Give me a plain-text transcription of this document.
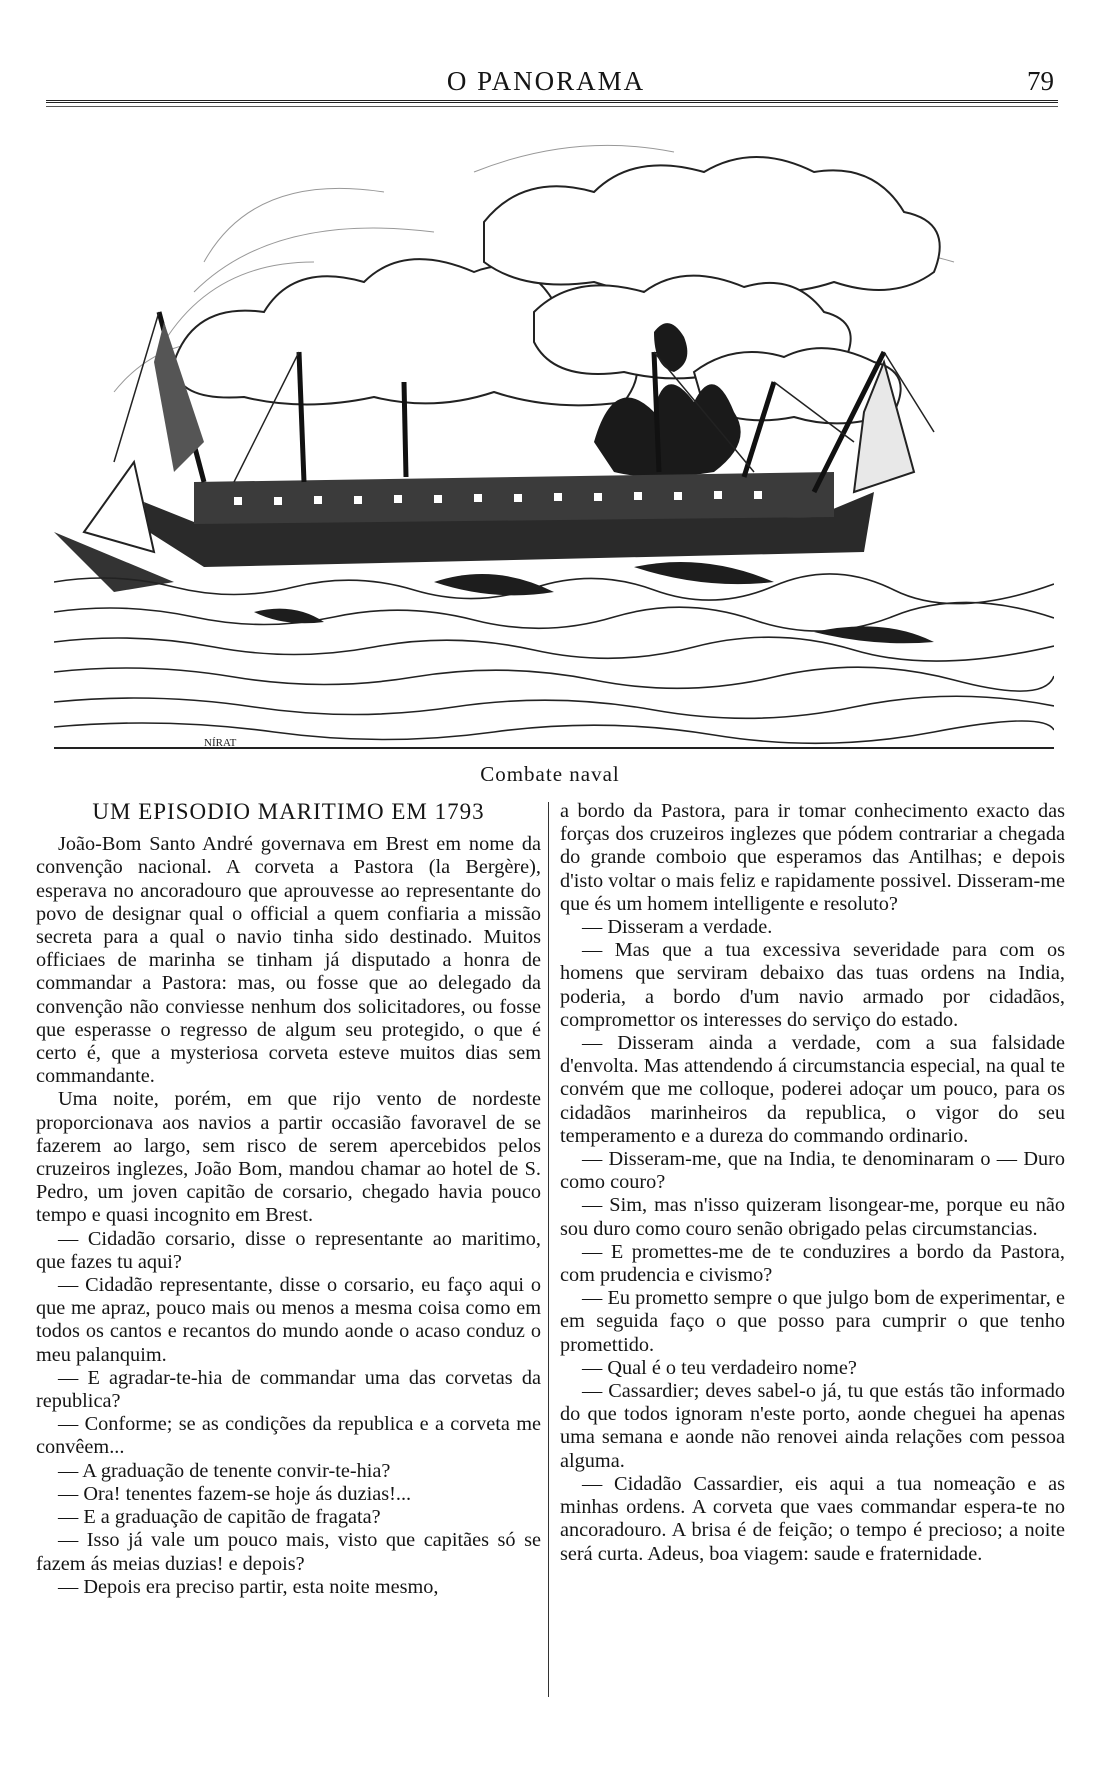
O PANORAMA	79
NÍRAT
Combate naval

UM EPISODIO MARITIMO EM 1793

João-Bom Santo André governava em Brest em nome da convenção nacional. A corveta a Pastora (la Bergère), esperava no ancoradouro que aprouvesse ao representante do povo de designar qual o official a quem confiaria a missão secreta para a qual o navio tinha sido destinado. Muitos officiaes de marinha se tinham já disputado a honra de commandar a Pastora: mas, ou fosse que ao delegado da convenção não conviesse nenhum dos solicitadores, ou fosse que esperasse o regresso de algum seu protegido, o que é certo é, que a mysteriosa corveta esteve muitos dias sem commandante.

Uma noite, porém, em que rijo vento de nordeste proporcionava aos navios a partir occasião favoravel de se fazerem ao largo, sem risco de serem apercebidos pelos cruzeiros inglezes, João Bom, mandou chamar ao hotel de S. Pedro, um joven capitão de corsario, chegado havia pouco tempo e quasi incognito em Brest.

— Cidadão corsario, disse o representante ao maritimo, que fazes tu aqui?

— Cidadão representante, disse o corsario, eu faço aqui o que me apraz, pouco mais ou menos a mesma coisa como em todos os cantos e recantos do mundo aonde o acaso conduz o meu palanquim.

— E agradar-te-hia de commandar uma das corvetas da republica?

— Conforme; se as condições da republica e a corveta me convêem...

— A graduação de tenente convir-te-hia?

— Ora! tenentes fazem-se hoje ás duzias!...

— E a graduação de capitão de fragata?

— Isso já vale um pouco mais, visto que capitães só se fazem ás meias duzias! e depois?

— Depois era preciso partir, esta noite mesmo,

a bordo da Pastora, para ir tomar conhecimento exacto das forças dos cruzeiros inglezes que pódem contrariar a chegada do grande comboio que esperamos das Antilhas; e depois d'isto voltar o mais feliz e rapidamente possivel. Disseram-me que és um homem intelligente e resoluto?

— Disseram a verdade.

— Mas que a tua excessiva severidade para com os homens que serviram debaixo das tuas ordens na India, poderia, a bordo d'um navio armado por cidadãos, compromettor os interesses do serviço do estado.

— Disseram ainda a verdade, com a sua falsidade d'envolta. Mas attendendo á circumstancia especial, na qual te convém que me colloque, poderei adoçar um pouco, para os cidadãos marinheiros da republica, o vigor do seu temperamento e a dureza do commando ordinario.

— Disseram-me, que na India, te denominaram o — Duro como couro?

— Sim, mas n'isso quizeram lisongear-me, porque eu não sou duro como couro senão obrigado pelas circumstancias.

— E promettes-me de te conduzires a bordo da Pastora, com prudencia e civismo?

— Eu prometto sempre o que julgo bom de experimentar, e em seguida faço o que posso para cumprir o que tenho promettido.

— Qual é o teu verdadeiro nome?

— Cassardier; deves sabel-o já, tu que estás tão informado do que todos ignoram n'este porto, aonde cheguei ha apenas uma semana e aonde não renovei ainda relações com pessoa alguma.

— Cidadão Cassardier, eis aqui a tua nomeação e as minhas ordens. A corveta que vaes commandar espera-te no ancoradouro. A brisa é de feição; o tempo é precioso; a noite será curta. Adeus, boa viagem: saude e fraternidade.
